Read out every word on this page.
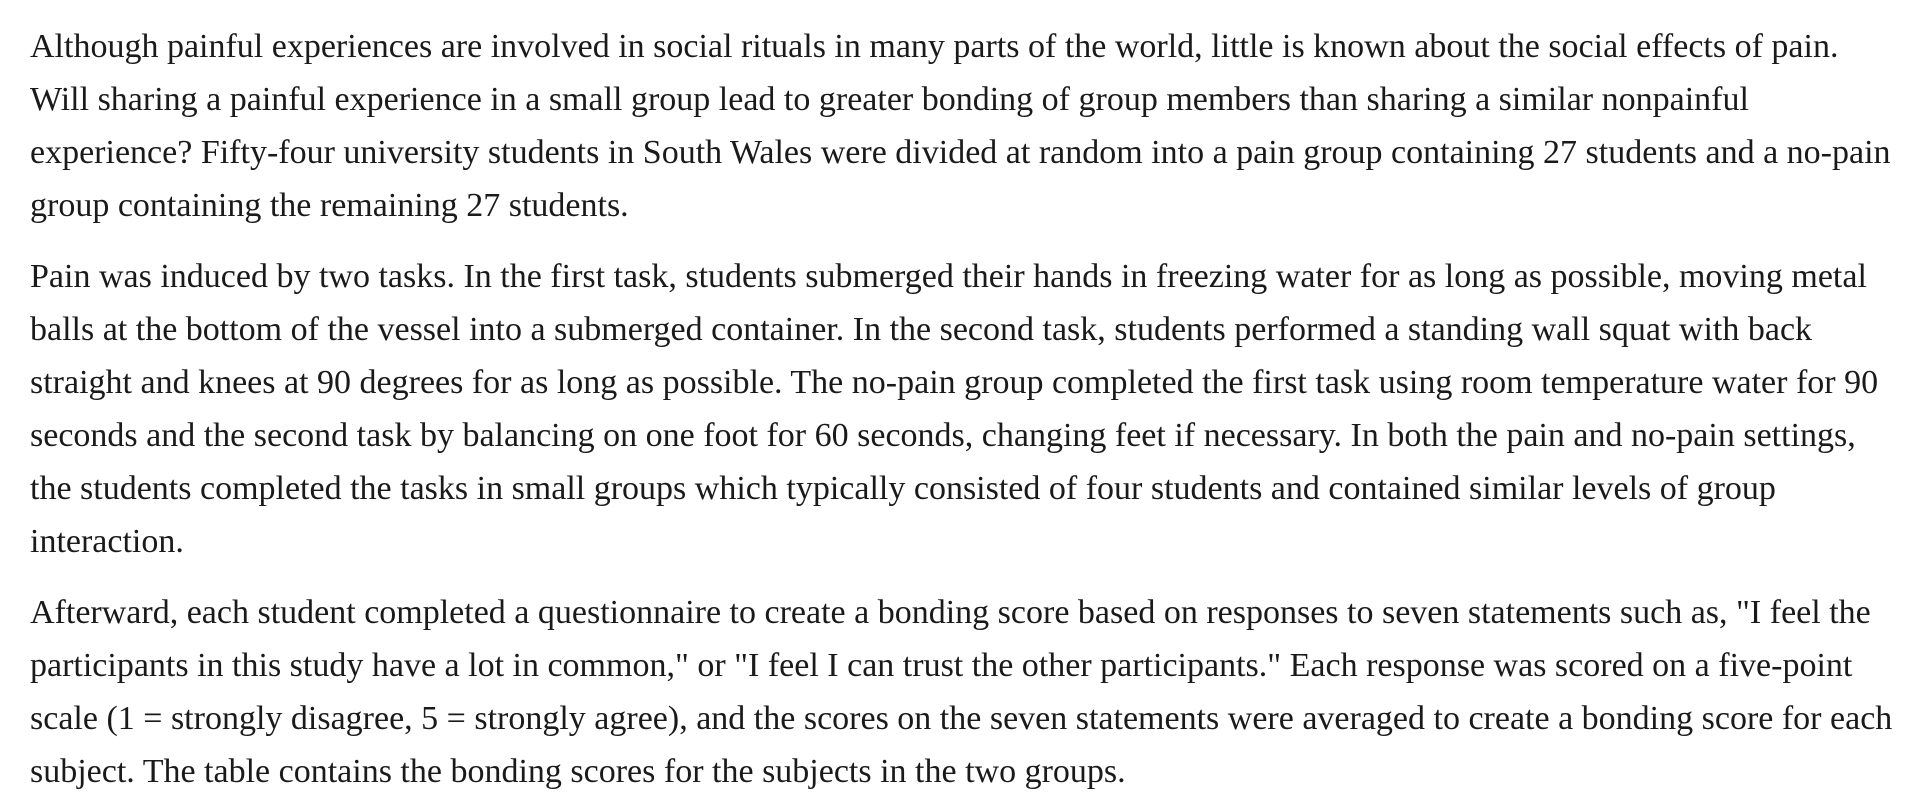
Although painful experiences are involved in social rituals in many parts of the world, little is known about the social effects of pain. Will sharing a painful experience in a small group lead to greater bonding of group members than sharing a similar nonpainful experience? Fifty-four university students in South Wales were divided at random into a pain group containing 27 students and a no-pain group containing the remaining 27 students.

Pain was induced by two tasks. In the first task, students submerged their hands in freezing water for as long as possible, moving metal balls at the bottom of the vessel into a submerged container. In the second task, students performed a standing wall squat with back straight and knees at 90 degrees for as long as possible. The no-pain group completed the first task using room temperature water for 90 seconds and the second task by balancing on one foot for 60 seconds, changing feet if necessary. In both the pain and no-pain settings, the students completed the tasks in small groups which typically consisted of four students and contained similar levels of group interaction.

Afterward, each student completed a questionnaire to create a bonding score based on responses to seven statements such as, "I feel the participants in this study have a lot in common," or "I feel I can trust the other participants." Each response was scored on a five-point scale (1 = strongly disagree, 5 = strongly agree), and the scores on the seven statements were averaged to create a bonding score for each subject. The table contains the bonding scores for the subjects in the two groups.
